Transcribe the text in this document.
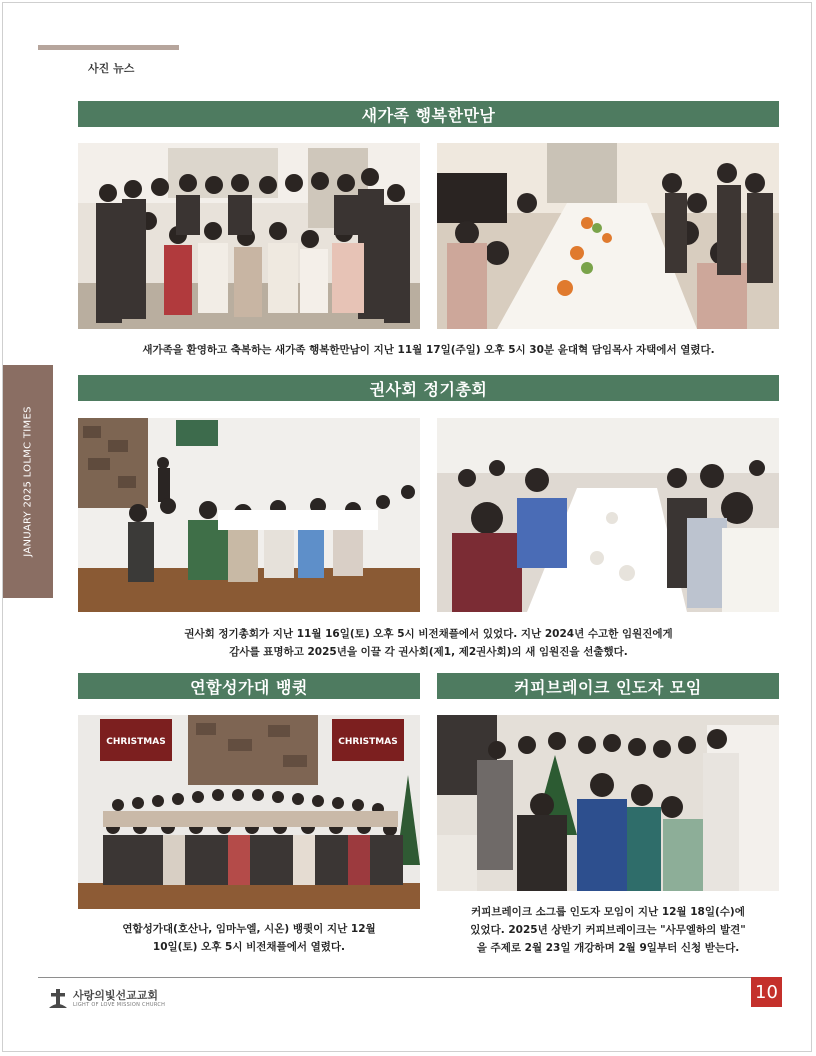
사진 뉴스
JANUARY 2025 LOLMC TIMES
새가족 행복한만남
새가족을 환영하고 축복하는 새가족 행복한만남이 지난 11월 17일(주일) 오후 5시 30분 윤대혁 담임목사 자택에서 열렸다.
권사회 정기총회
권사회 정기총회가 지난 11월 16일(토) 오후 5시 비전채플에서 있었다. 지난 2024년 수고한 임원진에게
감사를 표명하고 2025년을 이끌 각 권사회(제1, 제2권사회)의 새 임원진을 선출했다.
연합성가대 뱅큇
CHRISTMAS	CHRISTMAS
연합성가대(호산나, 임마누엘, 시온) 뱅큇이 지난 12월
10일(토) 오후 5시 비전채플에서 열렸다.
커피브레이크 인도자 모임
커피브레이크 소그룹 인도자 모임이 지난 12월 18일(수)에
있었다. 2025년 상반기 커피브레이크는 "사무엘하의 발견"
을 주제로 2월 23일 개강하며 2월 9일부터 신청 받는다.
사랑의빛선교교회
LIGHT OF LOVE MISSION CHURCH
10
